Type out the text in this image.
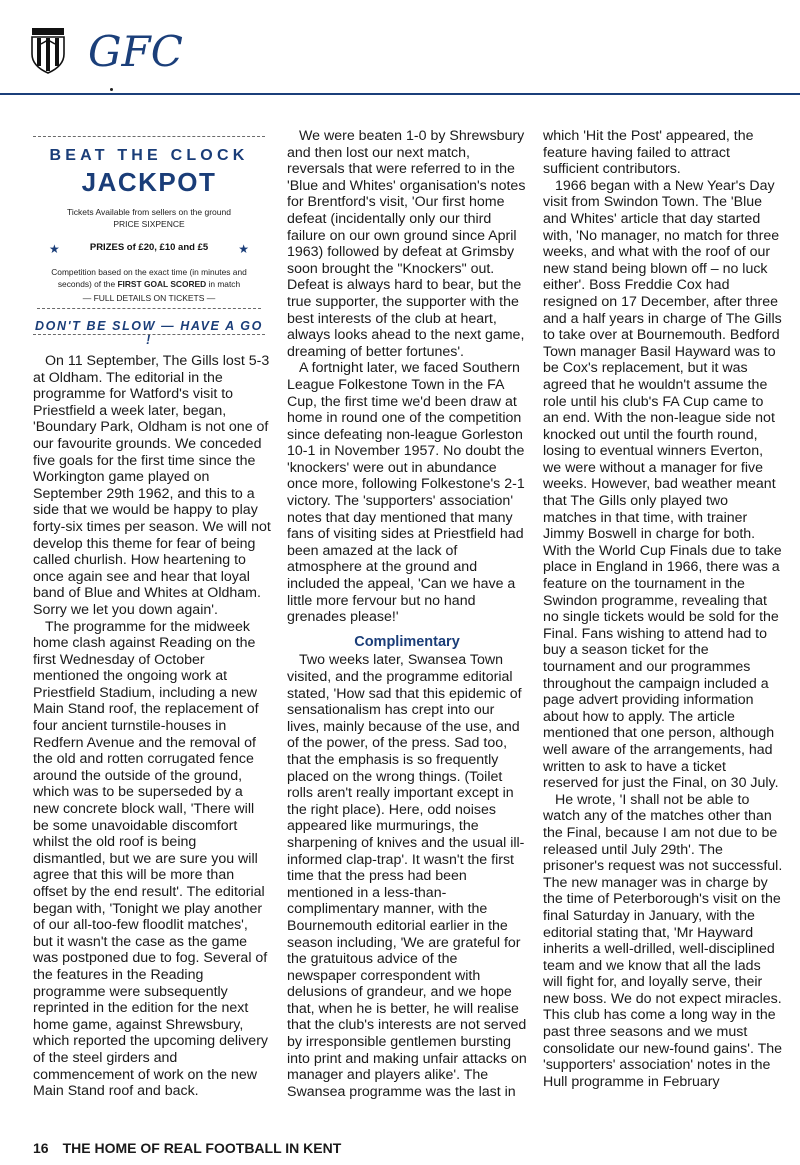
GFC
BEAT THE CLOCK
JACKPOT
Tickets Available from sellers on the ground
PRICE SIXPENCE
★	PRIZES of £20, £10 and £5	★
Competition based on the exact time (in minutes and seconds) of the FIRST GOAL SCORED in match
— FULL DETAILS ON TICKETS —
DON'T BE SLOW — HAVE A GO !

On 11 September, The Gills lost 5-3 at Oldham. The editorial in the programme for Watford's visit to Priestfield a week later, began, 'Boundary Park, Oldham is not one of our favourite grounds. We conceded five goals for the first time since the Workington game played on September 29th 1962, and this to a side that we would be happy to play forty-six times per season. We will not develop this theme for fear of being called churlish. How heartening to once again see and hear that loyal band of Blue and Whites at Oldham. Sorry we let you down again'.

The programme for the midweek home clash against Reading on the first Wednesday of October mentioned the ongoing work at Priestfield Stadium, including a new Main Stand roof, the replacement of four ancient turnstile-houses in Redfern Avenue and the removal of the old and rotten corrugated fence around the outside of the ground, which was to be superseded by a new concrete block wall, 'There will be some unavoidable discomfort whilst the old roof is being dismantled, but we are sure you will agree that this will be more than offset by the end result'. The editorial began with, 'Tonight we play another of our all-too-few floodlit matches', but it wasn't the case as the game was postponed due to fog. Several of the features in the Reading programme were subsequently reprinted in the edition for the next home game, against Shrewsbury, which reported the upcoming delivery of the steel girders and commencement of work on the new Main Stand roof and back.

We were beaten 1-0 by Shrewsbury and then lost our next match, reversals that were referred to in the 'Blue and Whites' organisation's notes for Brentford's visit, 'Our first home defeat (incidentally only our third failure on our own ground since April 1963) followed by defeat at Grimsby soon brought the "Knockers" out. Defeat is always hard to bear, but the true supporter, the supporter with the best interests of the club at heart, always looks ahead to the next game, dreaming of better fortunes'.

A fortnight later, we faced Southern League Folkestone Town in the FA Cup, the first time we'd been draw at home in round one of the competition since defeating non-league Gorleston 10-1 in November 1957. No doubt the 'knockers' were out in abundance once more, following Folkestone's 2-1 victory. The 'supporters' association' notes that day mentioned that many fans of visiting sides at Priestfield had been amazed at the lack of atmosphere at the ground and included the appeal, 'Can we have a little more fervour but no hand grenades please!'

Complimentary

Two weeks later, Swansea Town visited, and the programme editorial stated, 'How sad that this epidemic of sensationalism has crept into our lives, mainly because of the use, and of the power, of the press. Sad too, that the emphasis is so frequently placed on the wrong things. (Toilet rolls aren't really important except in the right place). Here, odd noises appeared like murmurings, the sharpening of knives and the usual ill-informed clap-trap'. It wasn't the first time that the press had been mentioned in a less-than-complimentary manner, with the Bournemouth editorial earlier in the season including, 'We are grateful for the gratuitous advice of the newspaper correspondent with delusions of grandeur, and we hope that, when he is better, he will realise that the club's interests are not served by irresponsible gentlemen bursting into print and making unfair attacks on manager and players alike'. The Swansea programme was the last in

which 'Hit the Post' appeared, the feature having failed to attract sufficient contributors.

1966 began with a New Year's Day visit from Swindon Town. The 'Blue and Whites' article that day started with, 'No manager, no match for three weeks, and what with the roof of our new stand being blown off – no luck either'. Boss Freddie Cox had resigned on 17 December, after three and a half years in charge of The Gills to take over at Bournemouth. Bedford Town manager Basil Hayward was to be Cox's replacement, but it was agreed that he wouldn't assume the role until his club's FA Cup came to an end. With the non-league side not knocked out until the fourth round, losing to eventual winners Everton, we were without a manager for five weeks. However, bad weather meant that The Gills only played two matches in that time, with trainer Jimmy Boswell in charge for both.

With the World Cup Finals due to take place in England in 1966, there was a feature on the tournament in the Swindon programme, revealing that no single tickets would be sold for the Final. Fans wishing to attend had to buy a season ticket for the tournament and our programmes throughout the campaign included a page advert providing information about how to apply. The article mentioned that one person, although well aware of the arrangements, had written to ask to have a ticket reserved for just the Final, on 30 July.

He wrote, 'I shall not be able to watch any of the matches other than the Final, because I am not due to be released until July 29th'. The prisoner's request was not successful.

The new manager was in charge by the time of Peterborough's visit on the final Saturday in January, with the editorial stating that, 'Mr Hayward inherits a well-drilled, well-disciplined team and we know that all the lads will fight for, and loyally serve, their new boss. We do not expect miracles. This club has come a long way in the past three seasons and we must consolidate our new-found gains'. The 'supporters' association' notes in the Hull programme in February

16 THE HOME OF REAL FOOTBALL IN KENT
